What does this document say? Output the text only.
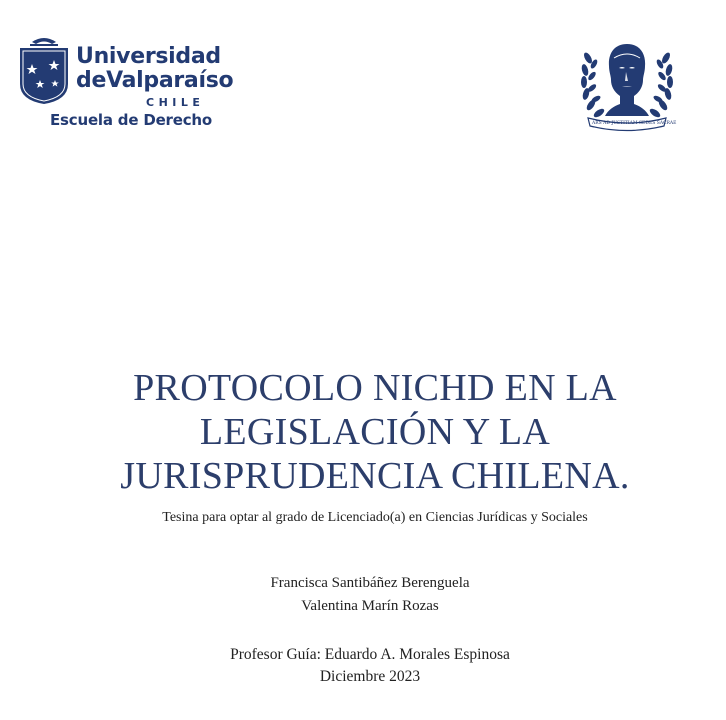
Universidad
deValparaíso
CHILE
Escuela de Derecho	ARS AD JUSTITIAM SEDES SACRAE
PROTOCOLO NICHD EN LA
LEGISLACIÓN Y LA
JURISPRUDENCIA CHILENA.
Tesina para optar al grado de Licenciado(a) en Ciencias Jurídicas y Sociales
Francisca Santibáñez Berenguela
Valentina Marín Rozas
Profesor Guía: Eduardo A. Morales Espinosa
Diciembre 2023
